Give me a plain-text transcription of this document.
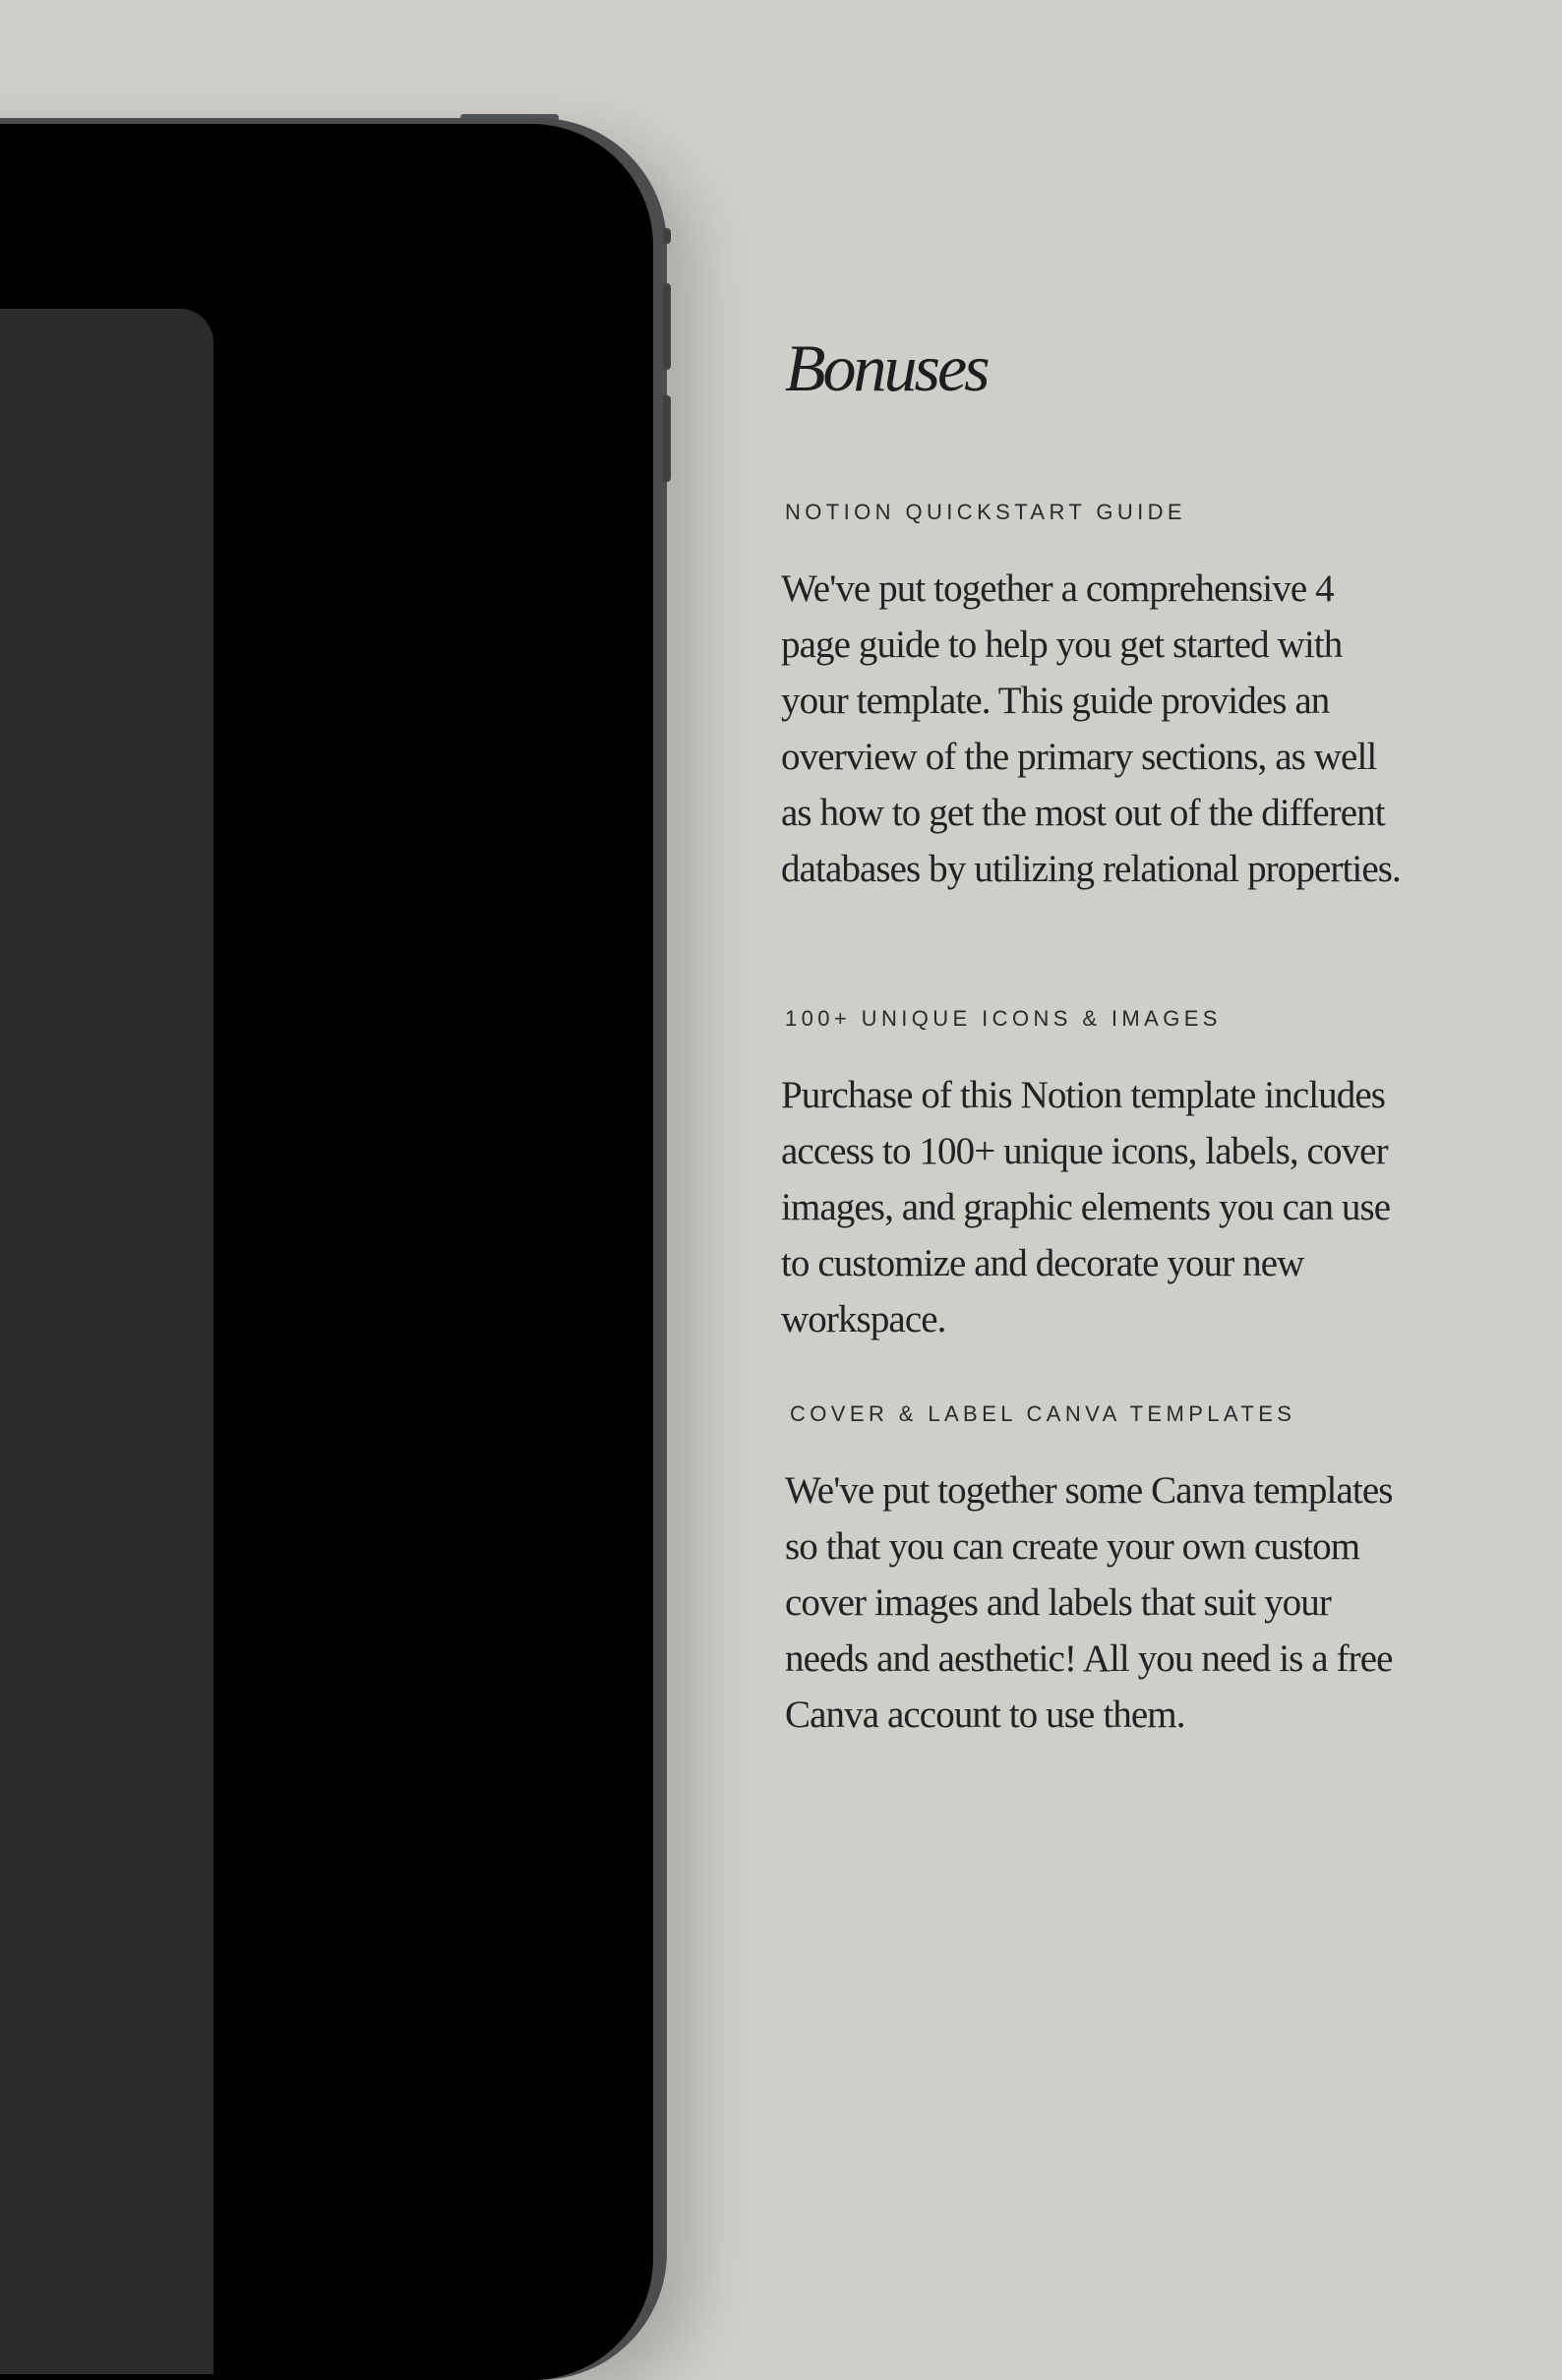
Bonuses
NOTION QUICKSTART GUIDE
We've put together a comprehensive 4 page guide to help you get started with your template. This guide provides an overview of the primary sections, as well as how to get the most out of the different databases by utilizing relational properties.
100+ UNIQUE ICONS & IMAGES
Purchase of this Notion template includes access to 100+ unique icons, labels, cover images, and graphic elements you can use to customize and decorate your new workspace.
COVER & LABEL CANVA TEMPLATES
We've put together some Canva templates so that you can create your own custom cover images and labels that suit your needs and aesthetic! All you need is a free Canva account to use them.
